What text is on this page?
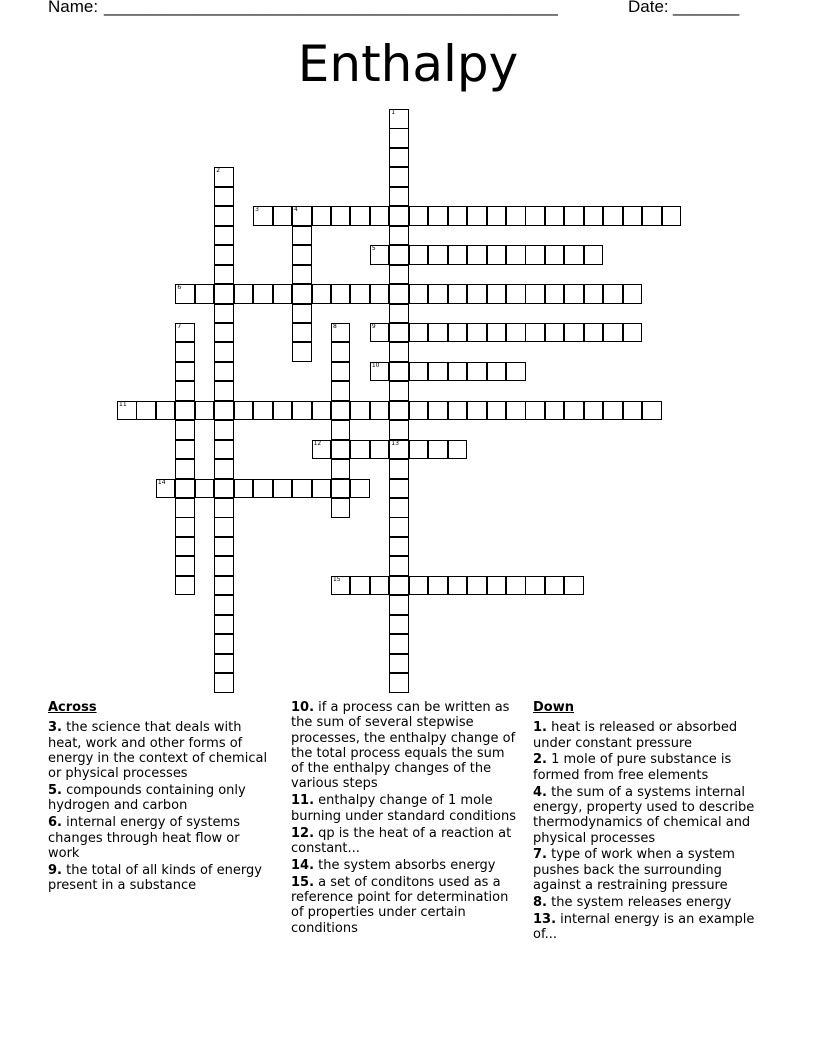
Name: ________________________________________________	Date: _______
Enthalpy
1
13
2
3	4
5
6
7	8	9
10
11
12
14
15
Across
3. the science that deals with heat, work and other forms of energy in the context of chemical or physical processes
5. compounds containing only hydrogen and carbon
6. internal energy of systems changes through heat flow or work
9. the total of all kinds of energy present in a substance
10. if a process can be written as the sum of several stepwise processes, the enthalpy change of the total process equals the sum of the enthalpy changes of the various steps
11. enthalpy change of 1 mole burning under standard conditions
12. qp is the heat of a reaction at constant...
14. the system absorbs energy
15. a set of conditons used as a reference point for determination of properties under certain conditions
Down
1. heat is released or absorbed under constant pressure
2. 1 mole of pure substance is formed from free elements
4. the sum of a systems internal energy, property used to describe thermodynamics of chemical and physical processes
7. type of work when a system pushes back the surrounding against a restraining pressure
8. the system releases energy
13. internal energy is an example of...
